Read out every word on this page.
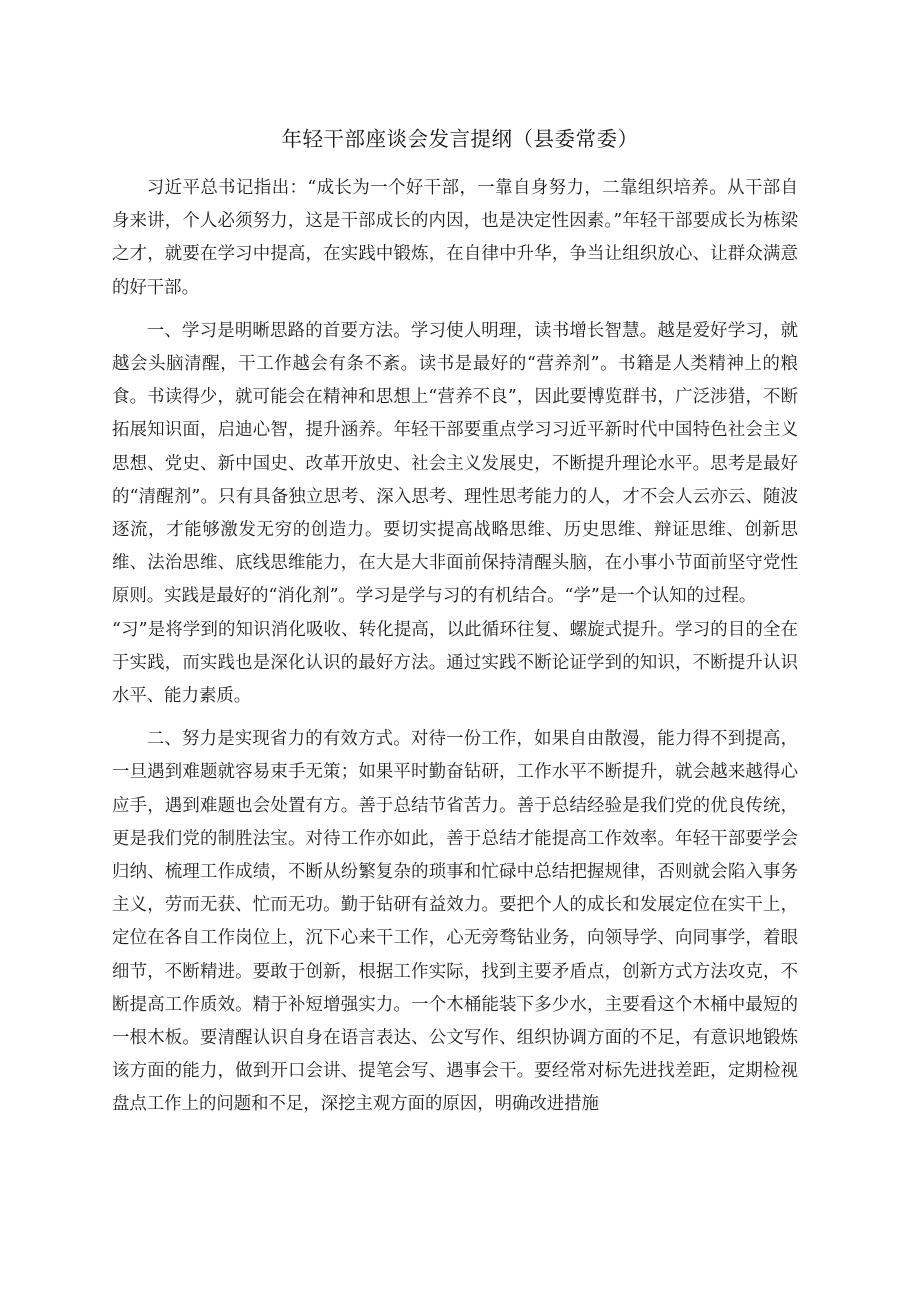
年轻干部座谈会发言提纲（县委常委）

习近平总书记指出：“成长为一个好干部，一靠自身努力，二靠组织培养。从干部自身来讲，个人必须努力，这是干部成长的内因，也是决定性因素。”年轻干部要成长为栋梁之才，就要在学习中提高，在实践中锻炼，在自律中升华，争当让组织放心、让群众满意的好干部。

一、学习是明晰思路的首要方法。学习使人明理，读书增长智慧。越是爱好学习，就越会头脑清醒，干工作越会有条不紊。读书是最好的“营养剂”。书籍是人类精神上的粮食。书读得少，就可能会在精神和思想上“营养不良”，因此要博览群书，广泛涉猎，不断拓展知识面，启迪心智，提升涵养。年轻干部要重点学习习近平新时代中国特色社会主义思想、党史、新中国史、改革开放史、社会主义发展史，不断提升理论水平。思考是最好的“清醒剂”。只有具备独立思考、深入思考、理性思考能力的人，才不会人云亦云、随波逐流，才能够激发无穷的创造力。要切实提高战略思维、历史思维、辩证思维、创新思维、法治思维、底线思维能力，在大是大非面前保持清醒头脑，在小事小节面前坚守党性原则。实践是最好的“消化剂”。学习是学与习的有机结合。“学”是一个认知的过程。

“习”是将学到的知识消化吸收、转化提高，以此循环往复、螺旋式提升。学习的目的全在于实践，而实践也是深化认识的最好方法。通过实践不断论证学到的知识，不断提升认识水平、能力素质。

二、努力是实现省力的有效方式。对待一份工作，如果自由散漫，能力得不到提高，一旦遇到难题就容易束手无策；如果平时勤奋钻研，工作水平不断提升，就会越来越得心应手，遇到难题也会处置有方。善于总结节省苦力。善于总结经验是我们党的优良传统，更是我们党的制胜法宝。对待工作亦如此，善于总结才能提高工作效率。年轻干部要学会归纳、梳理工作成绩，不断从纷繁复杂的琐事和忙碌中总结把握规律，否则就会陷入事务主义，劳而无获、忙而无功。勤于钻研有益效力。要把个人的成长和发展定位在实干上，定位在各自工作岗位上，沉下心来干工作，心无旁骛钻业务，向领导学、向同事学，着眼细节，不断精进。要敢于创新，根据工作实际，找到主要矛盾点，创新方式方法攻克，不断提高工作质效。精于补短增强实力。一个木桶能装下多少水，主要看这个木桶中最短的一根木板。要清醒认识自身在语言表达、公文写作、组织协调方面的不足，有意识地锻炼该方面的能力，做到开口会讲、提笔会写、遇事会干。要经常对标先进找差距，定期检视盘点工作上的问题和不足，深挖主观方面的原因，明确改进措施
